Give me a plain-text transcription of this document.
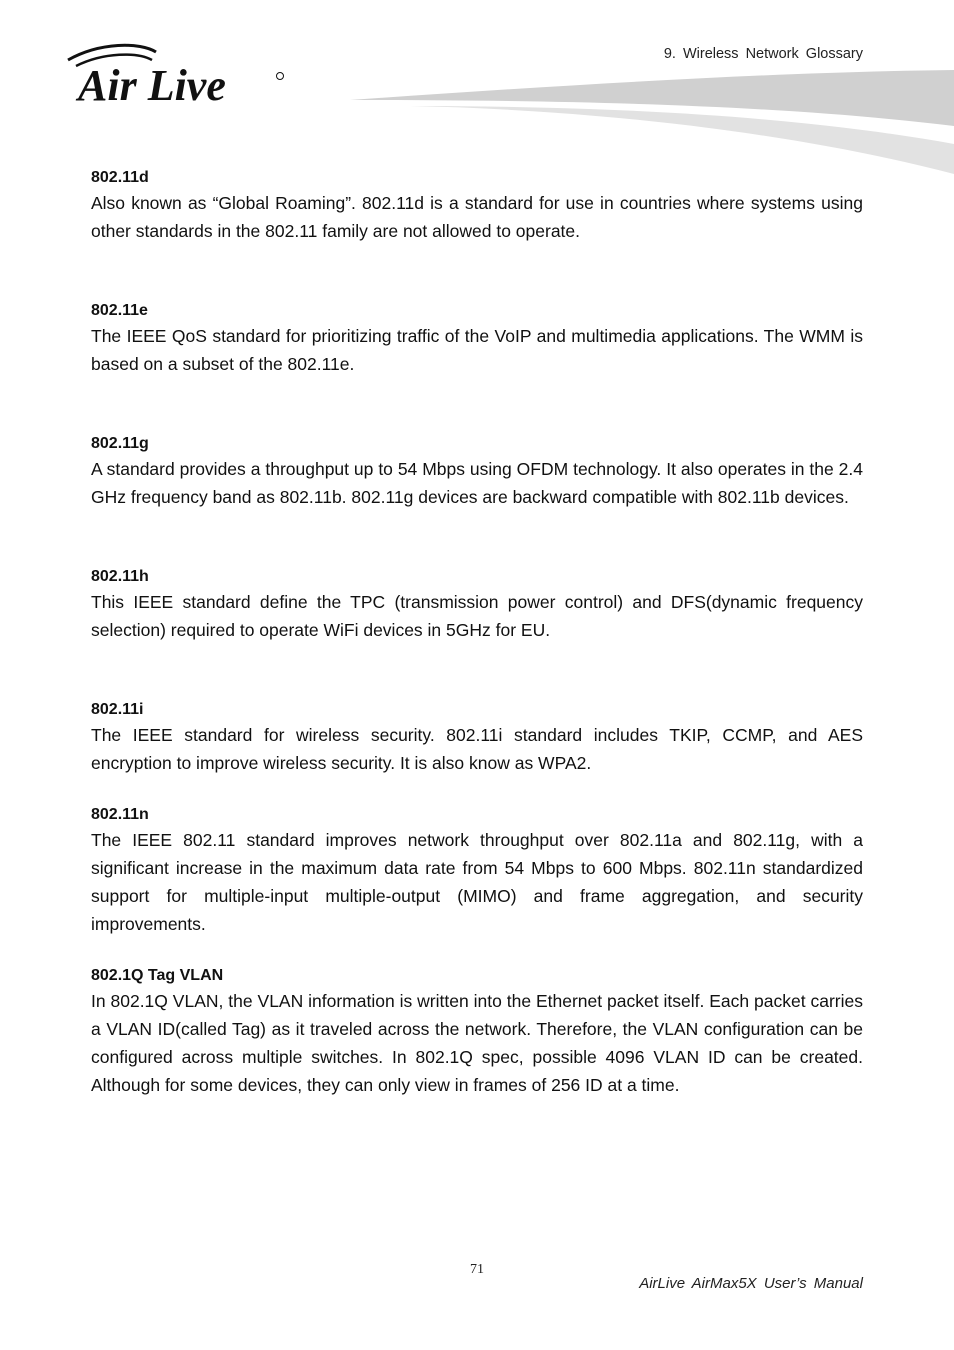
Air Live
9. Wireless Network Glossary

802.11d

Also known as “Global Roaming”. 802.11d is a standard for use in countries where systems using other standards in the 802.11 family are not allowed to operate.

802.11e

The IEEE QoS standard for prioritizing traffic of the VoIP and multimedia applications. The WMM is based on a subset of the 802.11e.

802.11g

A standard provides a throughput up to 54 Mbps using OFDM technology. It also operates in the 2.4 GHz frequency band as 802.11b. 802.11g devices are backward compatible with 802.11b devices.

802.11h

This IEEE standard define the TPC (transmission power control) and DFS(dynamic frequency selection) required to operate WiFi devices in 5GHz for EU.

802.11i

The IEEE standard for wireless security. 802.11i standard includes TKIP, CCMP, and AES encryption to improve wireless security. It is also know as WPA2.

802.11n

The IEEE 802.11 standard improves network throughput over 802.11a and 802.11g, with a significant increase in the maximum data rate from 54 Mbps to 600 Mbps. 802.11n standardized support for multiple-input multiple-output (MIMO) and frame aggregation, and security improvements.

802.1Q Tag VLAN

In 802.1Q VLAN, the VLAN information is written into the Ethernet packet itself. Each packet carries a VLAN ID(called Tag) as it traveled across the network. Therefore, the VLAN configuration can be configured across multiple switches. In 802.1Q spec, possible 4096 VLAN ID can be created. Although for some devices, they can only view in frames of 256 ID at a time.

71
AirLive AirMax5X User’s Manual
